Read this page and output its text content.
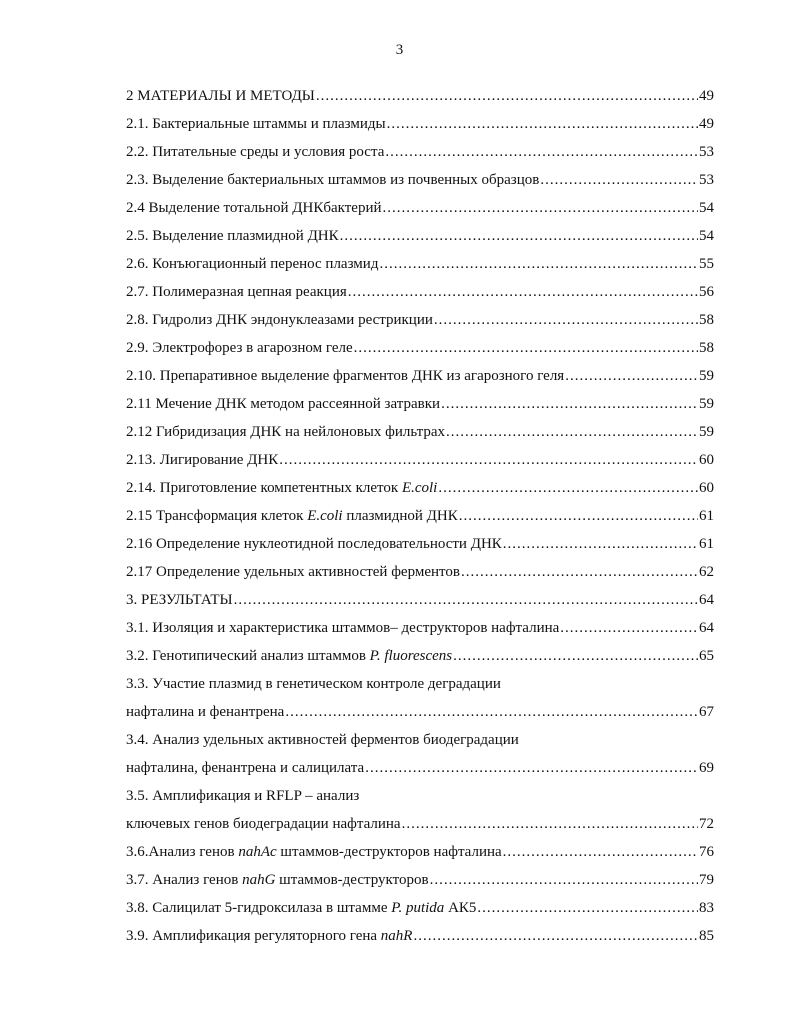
3
2 МАТЕРИАЛЫ И МЕТОДЫ .....	49
2.1. Бактериальные штаммы и плазмиды .....	49
2.2. Питательные среды и условия роста .....	53
2.3. Выделение бактериальных штаммов из почвенных образцов .....	53
2.4 Выделение тотальной ДНКбактерий .....	54
2.5. Выделение плазмидной ДНК .....	54
2.6. Конъюгационный перенос плазмид .....	55
2.7. Полимеразная цепная реакция .....	56
2.8. Гидролиз ДНК эндонуклеазами рестрикции .....	58
2.9. Электрофорез в агарозном геле .....	58
2.10. Препаративное выделение фрагментов ДНК из агарозного геля .....	59
2.11 Мечение ДНК методом рассеянной затравки .....	59
2.12 Гибридизация ДНК на нейлоновых фильтрах .....	59
2.13. Лигирование ДНК .....	60
2.14. Приготовление компетентных клеток E.coli .....	60
2.15 Трансформация клеток E.coli плазмидной ДНК .....	61
2.16 Определение нуклеотидной последовательности ДНК .....	61
2.17 Определение удельных активностей ферментов .....	62
3. РЕЗУЛЬТАТЫ .....	64
3.1. Изоляция и характеристика штаммов– деструкторов нафталина .....	64
3.2. Генотипический анализ штаммов P. fluorescens .....	65
3.3. Участие плазмид в генетическом контроле деградации
нафталина и фенантрена .....	67
3.4. Анализ удельных активностей ферментов биодеградации
нафталина, фенантрена и салицилата .....	69
3.5. Амплификация и RFLP – анализ
ключевых генов биодеградации нафталина .....	72
3.6.Анализ генов nahAc штаммов-деструкторов нафталина .....	76
3.7. Анализ генов nahG штаммов-деструкторов .....	79
3.8. Салицилат 5-гидроксилаза в штамме P. putida АК5 .....	83
3.9. Амплификация регуляторного гена nahR .....	85
